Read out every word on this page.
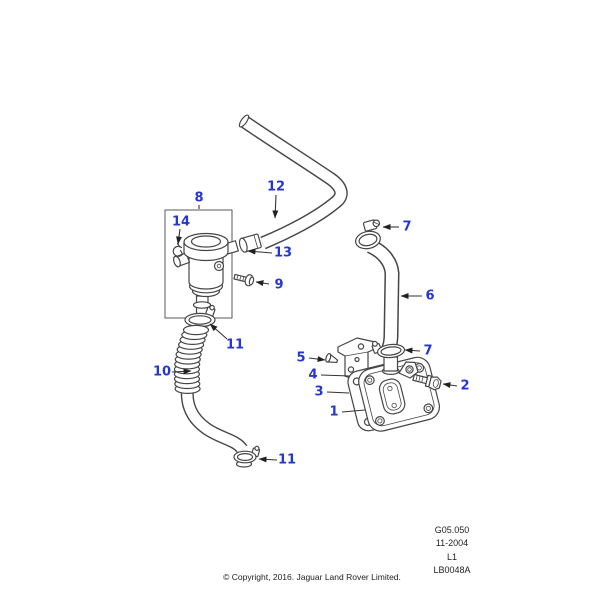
8
12
14
13
9
7
6
7
5
4
3
1
2
10
11
11
G05.050
11-2004
L1
LB0048A
© Copyright, 2016. Jaguar Land Rover Limited.
